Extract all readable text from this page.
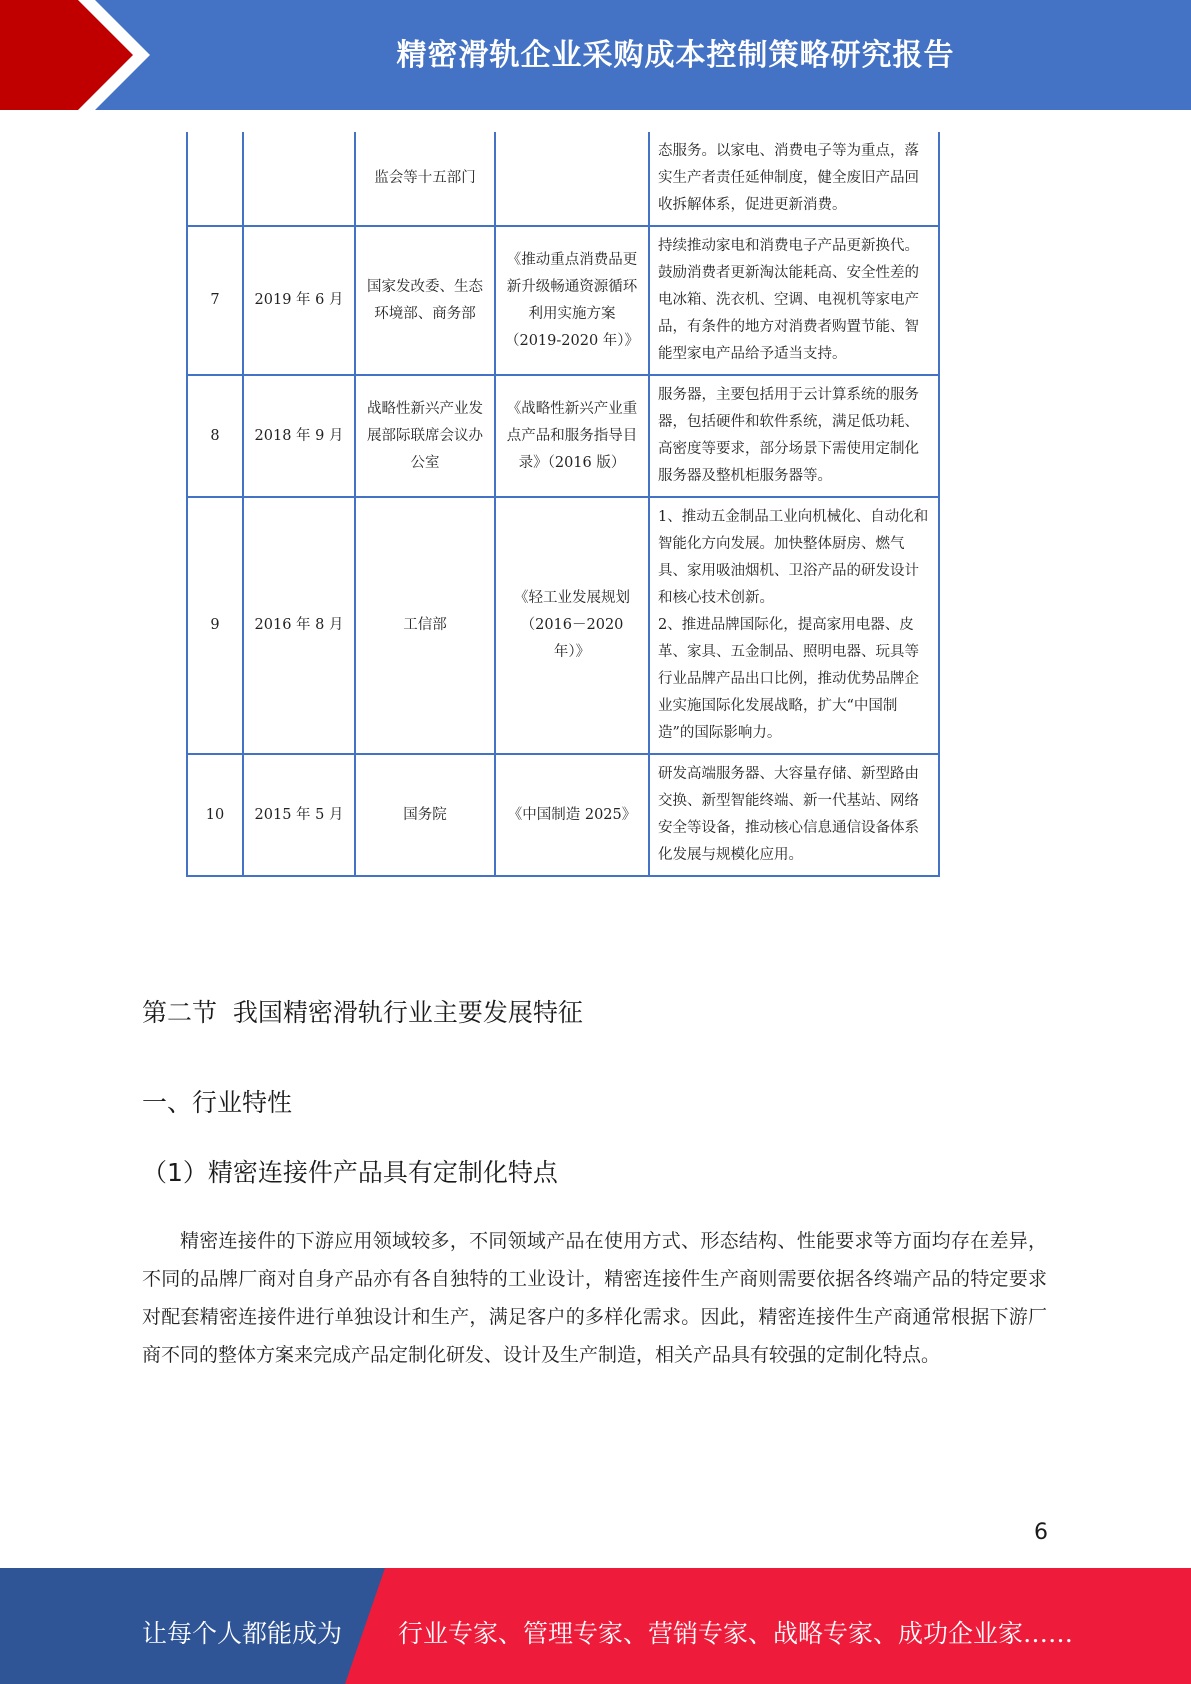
精密滑轨企业采购成本控制策略研究报告
		监会等十五部门		态服务。以家电、消费电子等为重点，落实生产者责任延伸制度，健全废旧产品回收拆解体系，促进更新消费。
7	2019 年 6 月	国家发改委、生态环境部、商务部	《推动重点消费品更新升级畅通资源循环利用实施方案（2019-2020 年）》	持续推动家电和消费电子产品更新换代。鼓励消费者更新淘汰能耗高、安全性差的电冰箱、洗衣机、空调、电视机等家电产品，有条件的地方对消费者购置节能、智能型家电产品给予适当支持。
8	2018 年 9 月	战略性新兴产业发展部际联席会议办公室	《战略性新兴产业重点产品和服务指导目录》（2016 版）	服务器，主要包括用于云计算系统的服务器，包括硬件和软件系统，满足低功耗、高密度等要求，部分场景下需使用定制化服务器及整机柜服务器等。
9	2016 年 8 月	工信部	《轻工业发展规划（2016－2020 年）》	1、推动五金制品工业向机械化、自动化和智能化方向发展。加快整体厨房、燃气具、家用吸油烟机、卫浴产品的研发设计和核心技术创新。
2、推进品牌国际化，提高家用电器、皮革、家具、五金制品、照明电器、玩具等行业品牌产品出口比例，推动优势品牌企业实施国际化发展战略，扩大“中国制造”的国际影响力。
10	2015 年 5 月	国务院	《中国制造 2025》	研发高端服务器、大容量存储、新型路由交换、新型智能终端、新一代基站、网络安全等设备，推动核心信息通信设备体系化发展与规模化应用。
第二节  我国精密滑轨行业主要发展特征
一、行业特性
（1）精密连接件产品具有定制化特点
精密连接件的下游应用领域较多，不同领域产品在使用方式、形态结构、性能要求等方面均存在差异，不同的品牌厂商对自身产品亦有各自独特的工业设计，精密连接件生产商则需要依据各终端产品的特定要求对配套精密连接件进行单独设计和生产，满足客户的多样化需求。因此，精密连接件生产商通常根据下游厂商不同的整体方案来完成产品定制化研发、设计及生产制造，相关产品具有较强的定制化特点。
6
让每个人都能成为 行业专家、管理专家、营销专家、战略专家、成功企业家……
